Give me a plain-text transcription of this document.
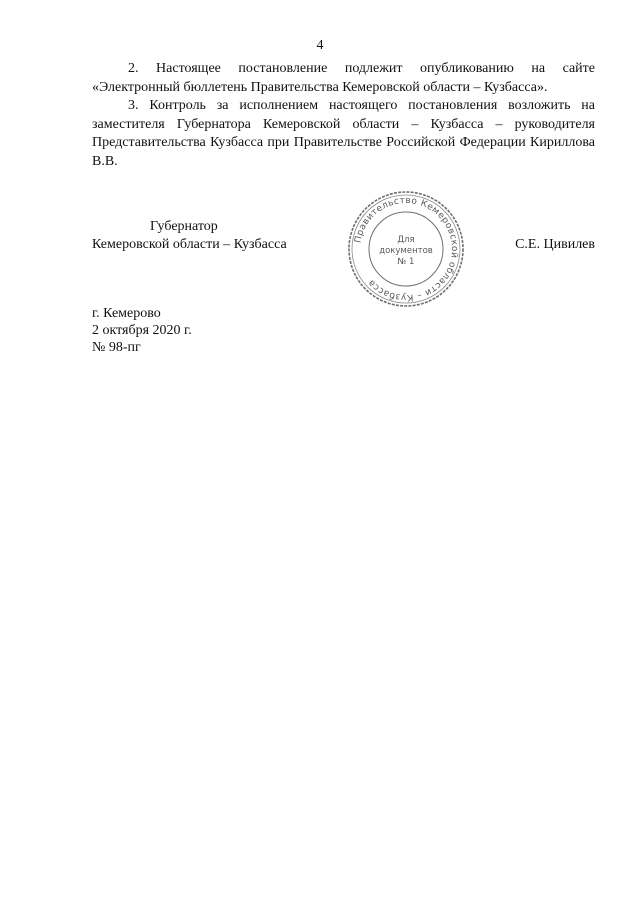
4

2. Настоящее постановление подлежит опубликованию на сайте «Электронный бюллетень Правительства Кемеровской области – Кузбасса».

3. Контроль за исполнением настоящего постановления возложить на заместителя Губернатора Кемеровской области – Кузбасса – руководителя Представительства Кузбасса при Правительстве Российской Федерации Кириллова В.В.

Губернатор
Кемеровской области – Кузбасса	Правительство Кемеровской области – Кузбасса
Для
документов
№ 1
С.Е. Цивилев
г. Кемерово
2 октября 2020 г.
№ 98-пг
